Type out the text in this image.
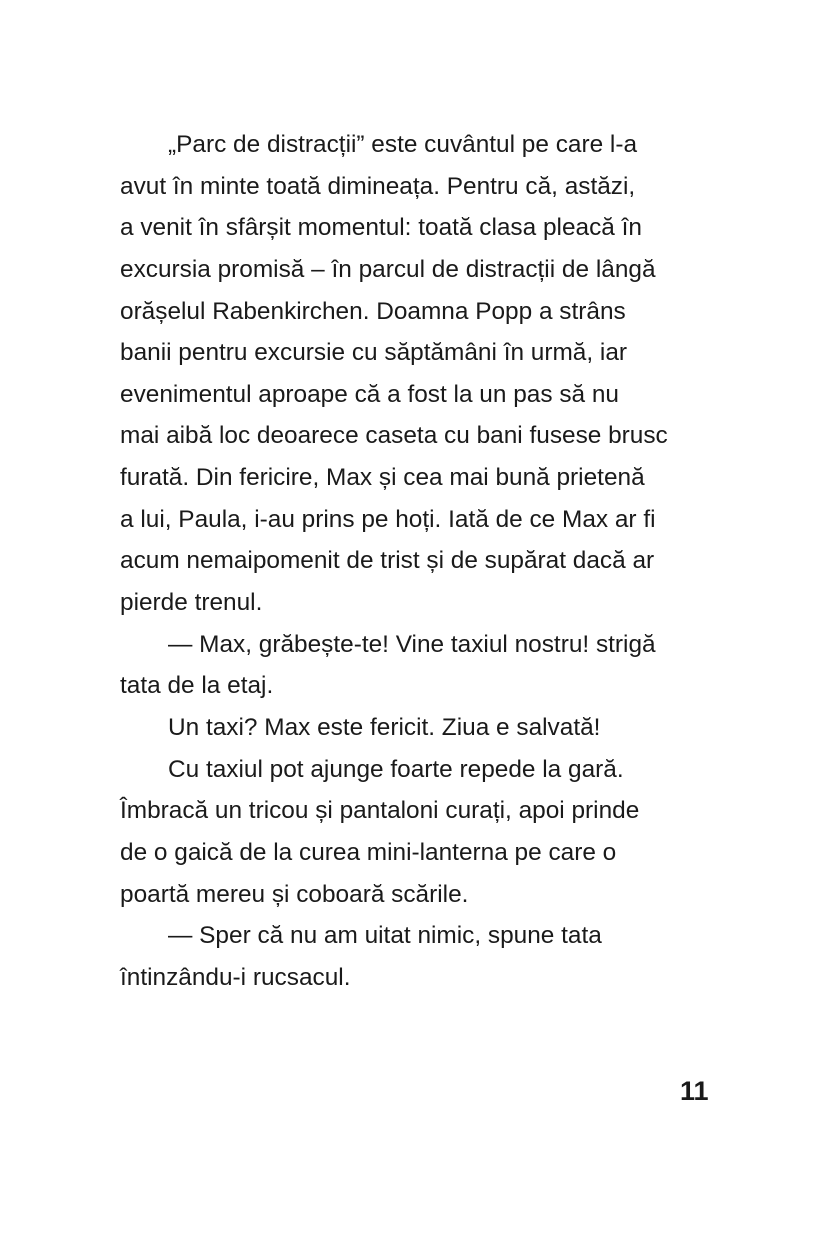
„Parc de distracții” este cuvântul pe care l-a
avut în minte toată dimineața. Pentru că, astăzi,
a venit în sfârșit momentul: toată clasa pleacă în
excursia promisă – în parcul de distracții de lângă
orășelul Rabenkirchen. Doamna Popp a strâns
banii pentru excursie cu săptămâni în urmă, iar
evenimentul aproape că a fost la un pas să nu
mai aibă loc deoarece caseta cu bani fusese brusc
furată. Din fericire, Max și cea mai bună prietenă
a lui, Paula, i-au prins pe hoți. Iată de ce Max ar fi
acum nemaipomenit de trist și de supărat dacă ar
pierde trenul.
— Max, grăbește-te! Vine taxiul nostru! strigă
tata de la etaj.
Un taxi? Max este fericit. Ziua e salvată!
Cu taxiul pot ajunge foarte repede la gară.
Îmbracă un tricou și pantaloni curați, apoi prinde
de o gaică de la curea mini-lanterna pe care o
poartă mereu și coboară scările.
— Sper că nu am uitat nimic, spune tata
întinzându-i rucsacul.
11
